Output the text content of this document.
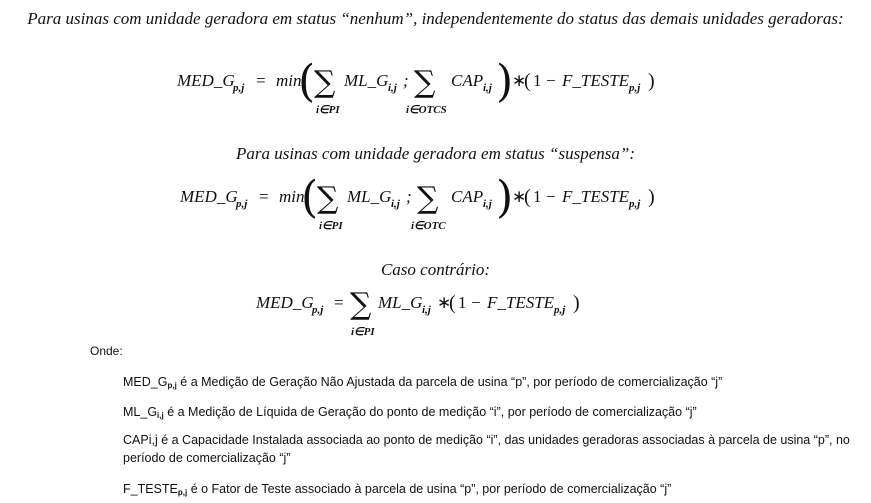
Para usinas com unidade geradora em status “nenhum”, independentemente do status das demais unidades geradoras:
MED_G
p,j = min
(
∑
i∈PI
ML_G i,j ; ∑
i∈OTCS
CAP i,j )
∗
( 1 − F_TESTE p,j )
Para usinas com unidade geradora em status “suspensa”:
MED_G
p,j = min
(
∑
i∈PI
ML_G i,j ; ∑
i∈OTC
CAP i,j )
∗
( 1 − F_TESTE p,j )
Caso contrário:
MED_G
p,j = ∑
i∈PI
ML_G i,j ∗
( 1 − F_TESTE p,j )
Onde:
$MED\_G_{p,j}$ é a Medição de Geração Não Ajustada da parcela de usina “p”, por período de comercialização “j”
$ML\_G_{i,j}$ é a Medição de Líquida de Geração do ponto de medição “i”, por período de comercialização “j”
CAPi,j é a Capacidade Instalada associada ao ponto de medição “i”, das unidades geradoras associadas à parcela de usina “p”, no período de comercialização “j”
$F\_TESTE_{p,j}$ é o Fator de Teste associado à parcela de usina “p”, por período de comercialização “j”
